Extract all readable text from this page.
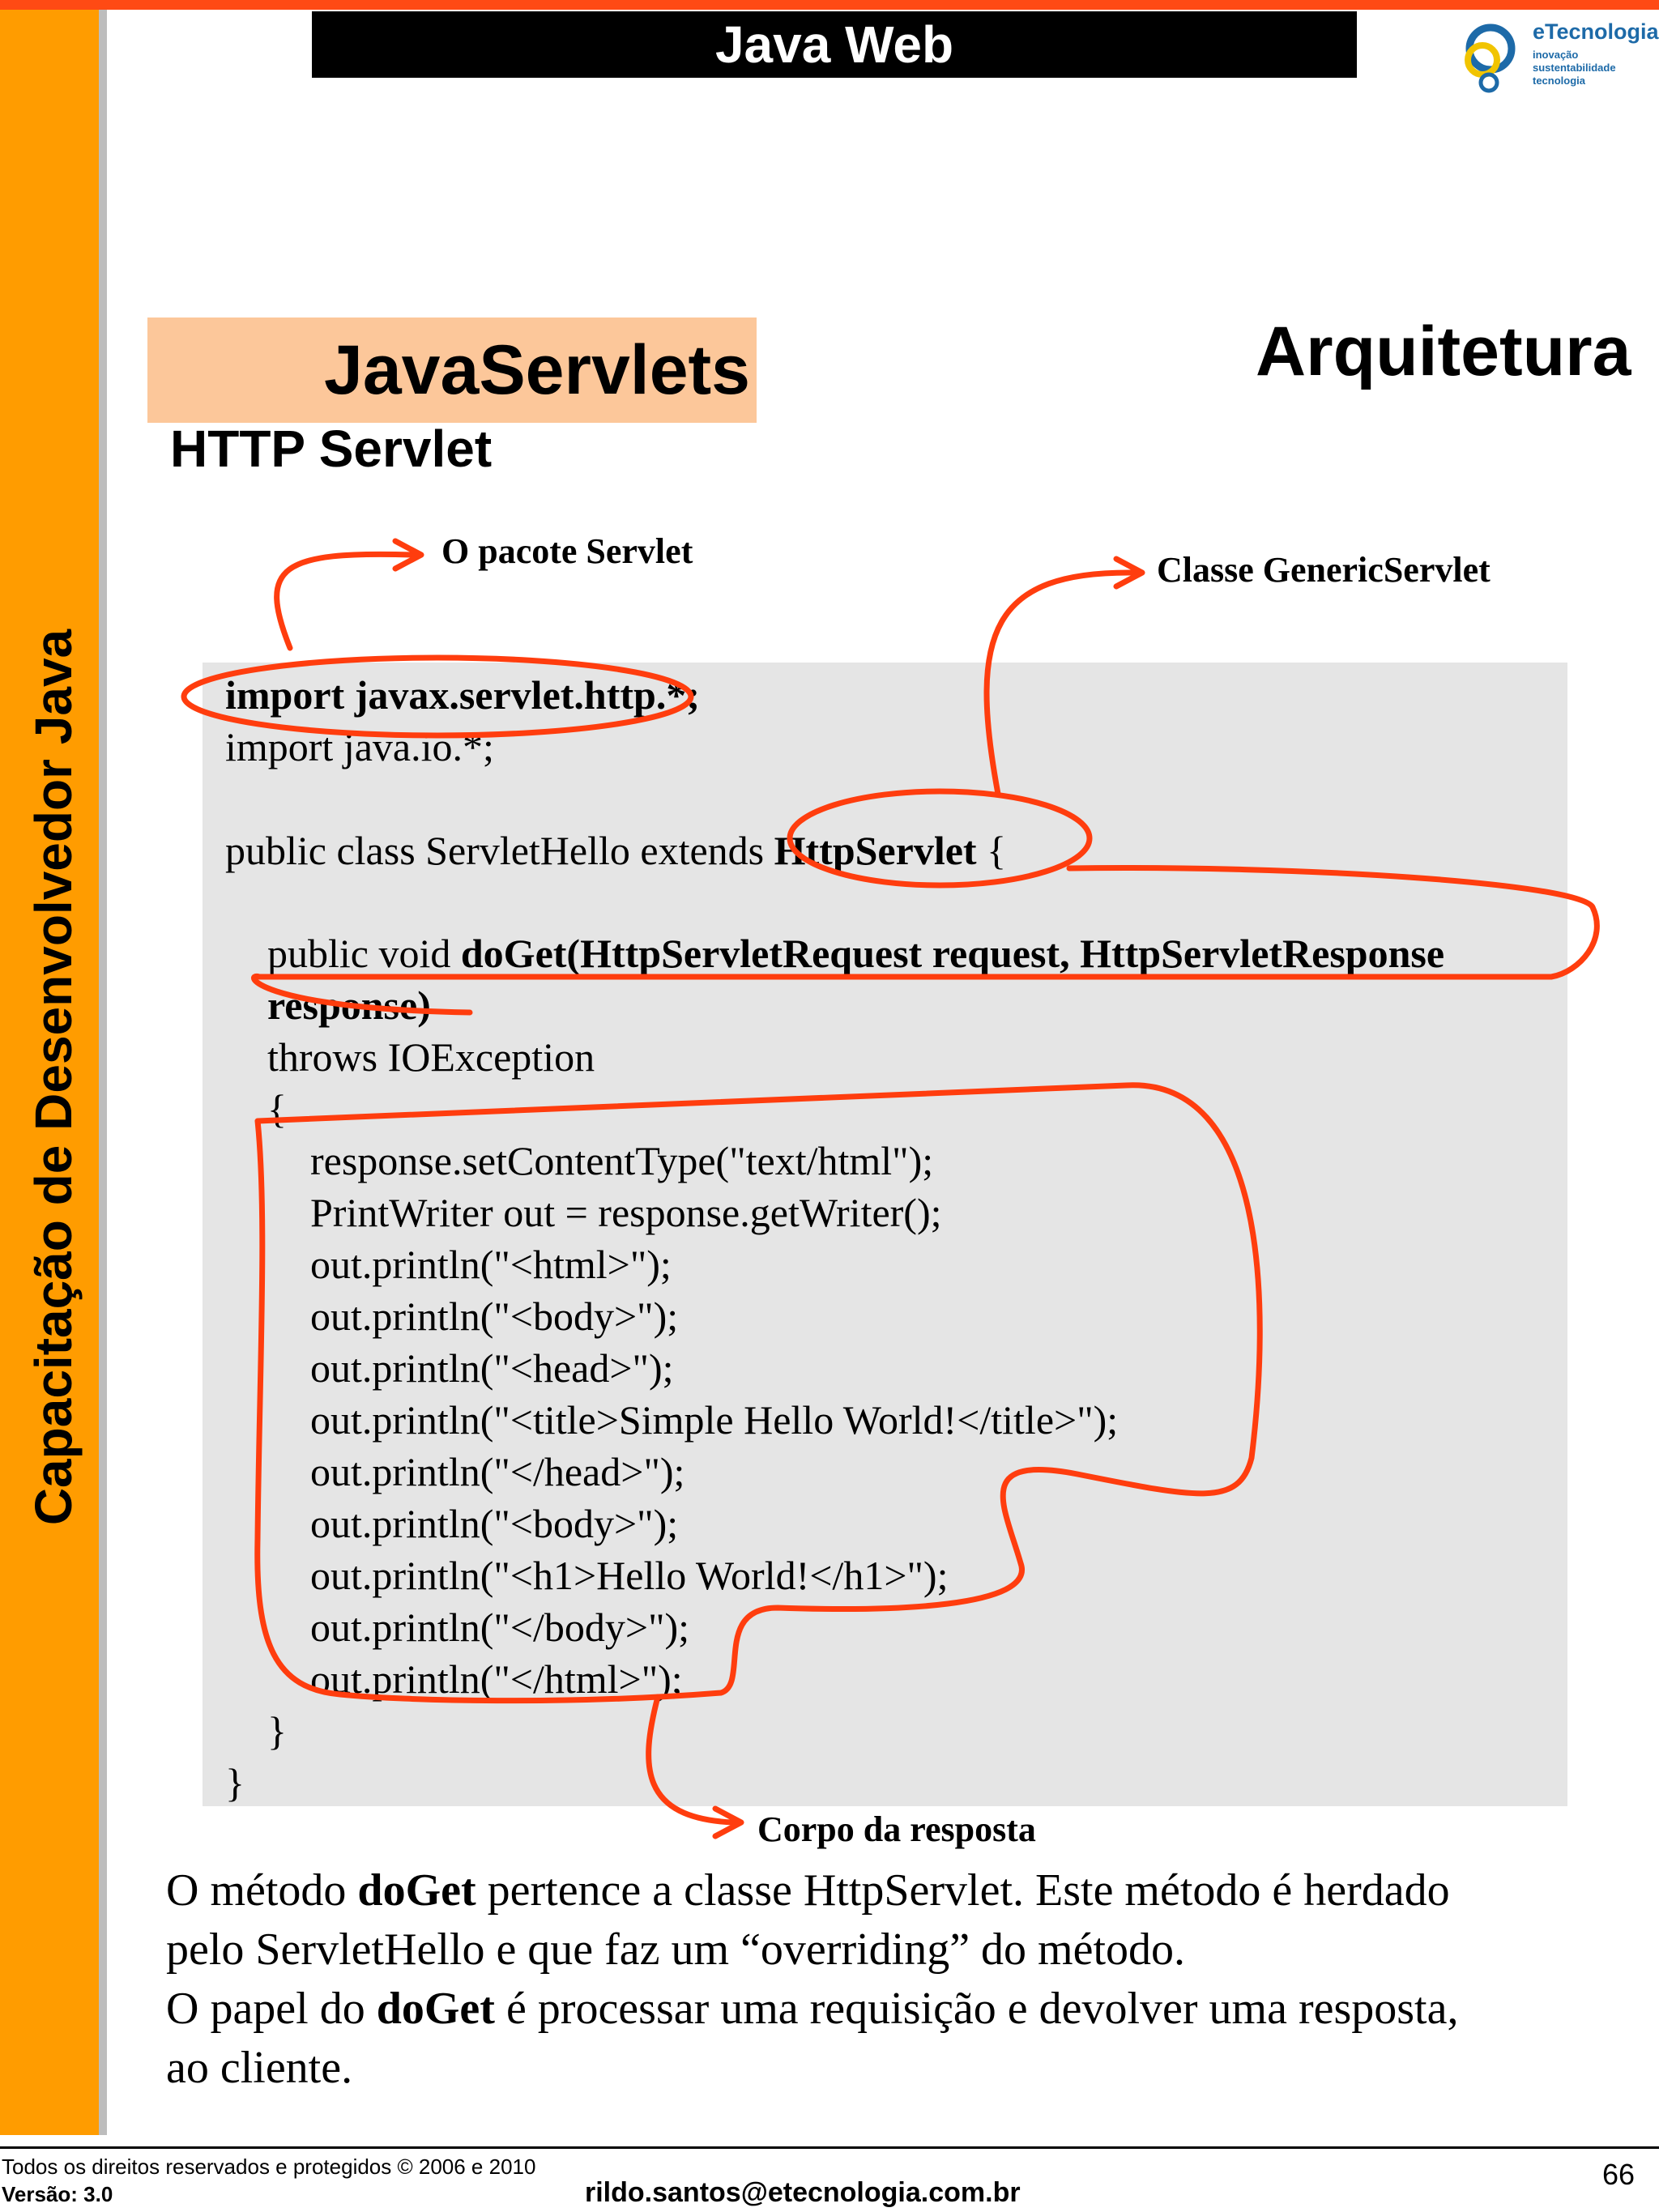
Capacitação de Desenvolvedor Java
Java Web	eTecnologia
inovação
sustentabilidade
tecnologia
JavaServlets	Arquitetura
HTTP Servlet
import javax.servlet.http.*;
import java.io.*;
public class ServletHello extends HttpServlet {
public void doGet(HttpServletRequest request, HttpServletResponse
response)
throws IOException
{
response.setContentType("text/html");
PrintWriter out = response.getWriter();
out.println("<html>");
out.println("<body>");
out.println("<head>");
out.println("<title>Simple Hello World!</title>");
out.println("</head>");
out.println("<body>");
out.println("<h1>Hello World!</h1>");
out.println("</body>");
out.println("</html>");
}
}
O pacote Servlet	Classe GenericServlet
Corpo da resposta
O método doGet pertence a classe HttpServlet. Este método é herdado
pelo ServletHello e que faz um “overriding” do método.
O papel do doGet é processar uma requisição e devolver uma resposta,
ao cliente.
Todos os direitos reservados e protegidos © 2006 e 2010
Versão: 3.0	rildo.santos@etecnologia.com.br
66
